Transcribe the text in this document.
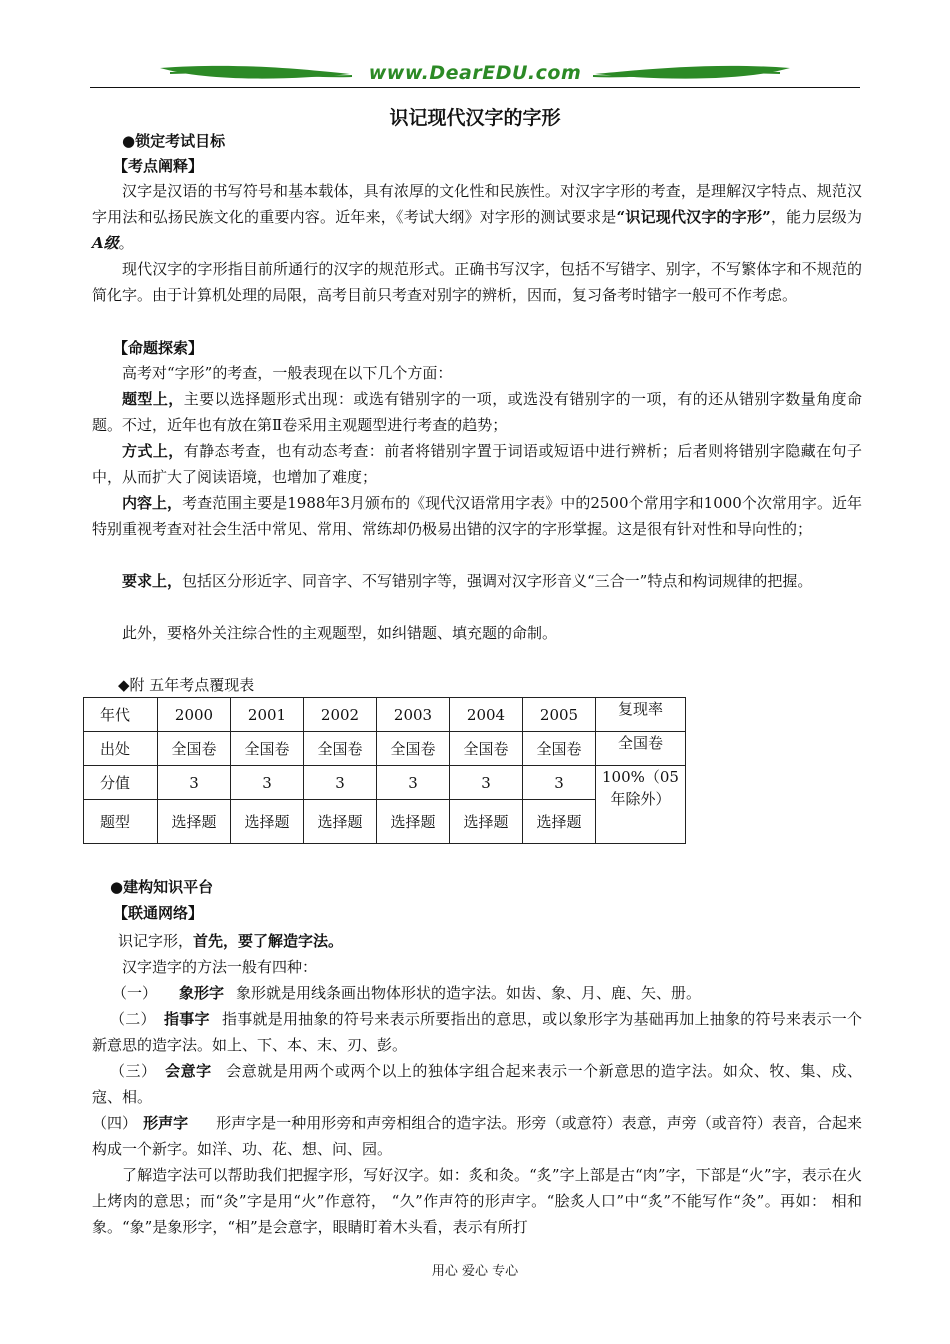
www.DearEDU.com
识记现代汉字的字形
●锁定考试目标
【考点阐释】

汉字是汉语的书写符号和基本载体，具有浓厚的文化性和民族性。对汉字字形的考查，是理解汉字特点、规范汉字用法和弘扬民族文化的重要内容。近年来，《考试大纲》对字形的测试要求是“识记现代汉字的字形”，能力层级为A级。

现代汉字的字形指目前所通行的汉字的规范形式。正确书写汉字，包括不写错字、别字，不写繁体字和不规范的简化字。由于计算机处理的局限，高考目前只考查对别字的辨析，因而，复习备考时错字一般可不作考虑。

【命题探索】

高考对“字形”的考查，一般表现在以下几个方面：

题型上，主要以选择题形式出现：或选有错别字的一项，或选没有错别字的一项，有的还从错别字数量角度命题。不过，近年也有放在第Ⅱ卷采用主观题型进行考查的趋势；

方式上，有静态考查，也有动态考查：前者将错别字置于词语或短语中进行辨析；后者则将错别字隐藏在句子中，从而扩大了阅读语境，也增加了难度；

内容上，考查范围主要是1988年3月颁布的《现代汉语常用字表》中的2500个常用字和1000个次常用字。近年特别重视考查对社会生活中常见、常用、常练却仍极易出错的汉字的字形掌握。这是很有针对性和导向性的；

要求上，包括区分形近字、同音字、不写错别字等，强调对汉字形音义“三合一”特点和构词规律的把握。

此外，要格外关注综合性的主观题型，如纠错题、填充题的命制。

◆附 五年考点覆现表
年代	2000	2001	2002	2003	2004	2005	复现率
出处	全国卷	全国卷	全国卷	全国卷	全国卷	全国卷	全国卷
分值	3	3	3	3	3	3	100%（05年除外）
题型	选择题	选择题	选择题	选择题	选择题	选择题	
●建构知识平台
【联通网络】

识记字形，首先，要了解造字法。

汉字造字的方法一般有四种：

（一） 象形字 象形就是用线条画出物体形状的造字法。如齿、象、月、鹿、矢、册。

（二） 指事字 指事就是用抽象的符号来表示所要指出的意思，或以象形字为基础再加上抽象的符号来表示一个新意思的造字法。如上、下、本、末、刃、彭。

（三） 会意字 会意就是用两个或两个以上的独体字组合起来表示一个新意思的造字法。如众、牧、集、戍、寇、相。

（四） 形声字 形声字是一种用形旁和声旁相组合的造字法。形旁（或意符）表意，声旁（或音符）表音，合起来构成一个新字。如洋、功、花、想、问、园。

了解造字法可以帮助我们把握字形，写好汉字。如：炙和灸。“炙”字上部是古“肉”字，下部是“火”字，表示在火上烤肉的意思；而“灸”字是用“火”作意符， “久”作声符的形声字。“脍炙人口”中“炙”不能写作“灸”。再如： 相和象。“象”是象形字，“相”是会意字，眼睛盯着木头看，表示有所打

用心 爱心 专心
